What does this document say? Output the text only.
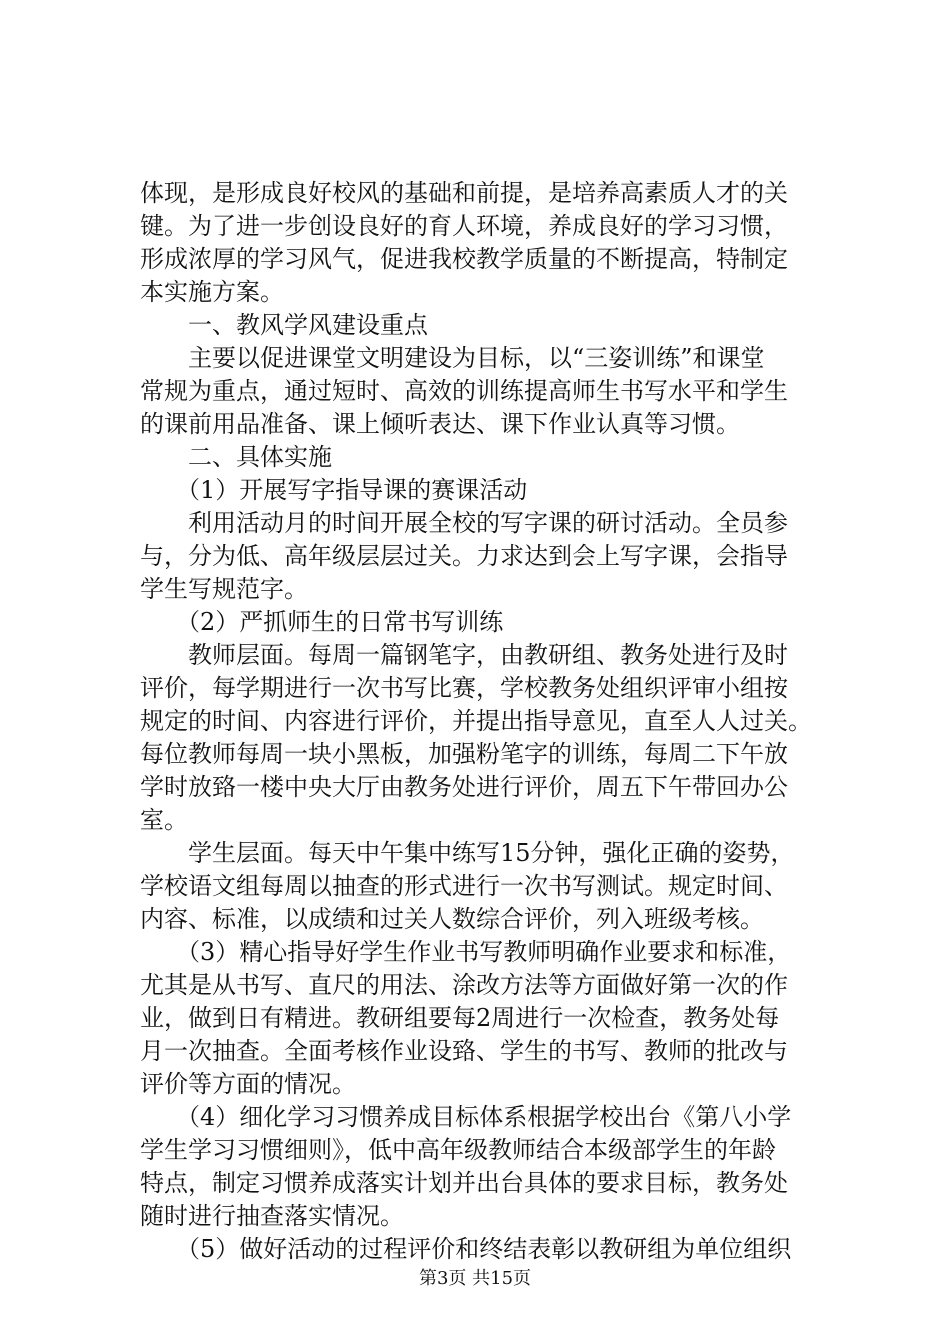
体现，是形成良好校风的基础和前提，是培养高素质人才的关
键。为了进一步创设良好的育人环境，养成良好的学习习惯，
形成浓厚的学习风气，促进我校教学质量的不断提高，特制定
本实施方案。
　　一、教风学风建设重点
　　主要以促进课堂文明建设为目标，以“三姿训练”和课堂
常规为重点，通过短时、高效的训练提高师生书写水平和学生
的课前用品准备、课上倾听表达、课下作业认真等习惯。
　　二、具体实施
　　（1）开展写字指导课的赛课活动
　　利用活动月的时间开展全校的写字课的研讨活动。全员参
与，分为低、高年级层层过关。力求达到会上写字课，会指导
学生写规范字。
　　（2）严抓师生的日常书写训练
　　教师层面。每周一篇钢笔字，由教研组、教务处进行及时
评价，每学期进行一次书写比赛，学校教务处组织评审小组按
规定的时间、内容进行评价，并提出指导意见，直至人人过关。
每位教师每周一块小黑板，加强粉笔字的训练，每周二下午放
学时放臵一楼中央大厅由教务处进行评价，周五下午带回办公
室。
　　学生层面。每天中午集中练写15分钟，强化正确的姿势，
学校语文组每周以抽查的形式进行一次书写测试。规定时间、
内容、标准，以成绩和过关人数综合评价，列入班级考核。
　　（3）精心指导好学生作业书写教师明确作业要求和标准，
尤其是从书写、直尺的用法、涂改方法等方面做好第一次的作
业，做到日有精进。教研组要每2周进行一次检查，教务处每
月一次抽查。全面考核作业设臵、学生的书写、教师的批改与
评价等方面的情况。
　　（4）细化学习习惯养成目标体系根据学校出台《第八小学
学生学习习惯细则》，低中高年级教师结合本级部学生的年龄
特点，制定习惯养成落实计划并出台具体的要求目标，教务处
随时进行抽查落实情况。
　　（5）做好活动的过程评价和终结表彰以教研组为单位组织
第3页 共15页
